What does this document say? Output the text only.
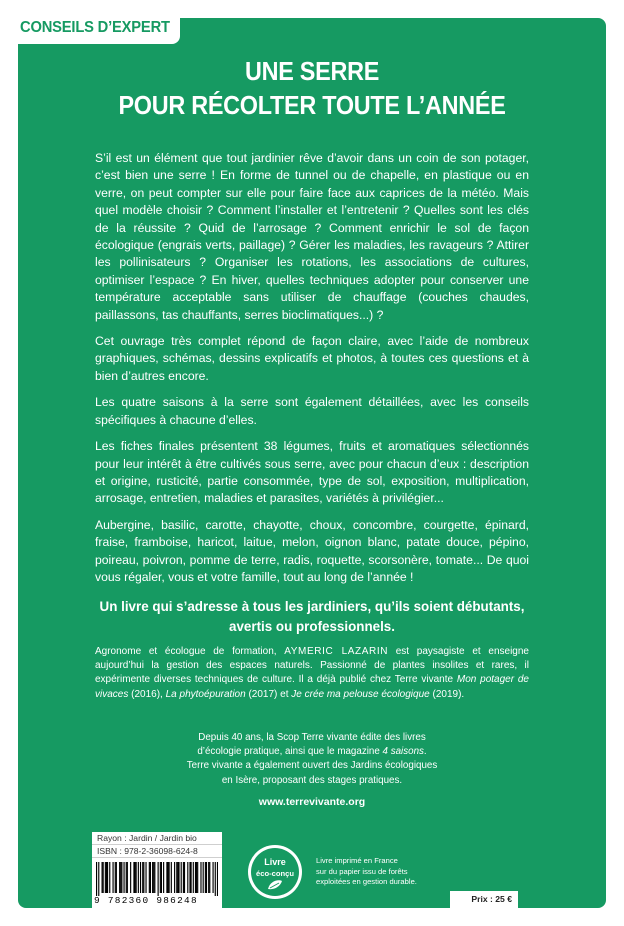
CONSEILS D’EXPERT
UNE SERRE
POUR RÉCOLTER TOUTE L’ANNÉE

S’il est un élément que tout jardinier rêve d’avoir dans un coin de son potager, c’est bien une serre ! En forme de tunnel ou de chapelle, en plastique ou en verre, on peut compter sur elle pour faire face aux caprices de la météo. Mais quel modèle choisir ? Comment l’installer et l’entretenir ? Quelles sont les clés de la réussite ? Quid de l’arrosage ? Comment enrichir le sol de façon écologique (engrais verts, paillage) ? Gérer les maladies, les ravageurs ? Attirer les pollinisateurs ? Organiser les rotations, les associations de cultures, optimiser l’espace ? En hiver, quelles techniques adopter pour conserver une température acceptable sans utiliser de chauffage (couches chaudes, paillassons, tas chauffants, serres bioclimatiques...) ?

Cet ouvrage très complet répond de façon claire, avec l’aide de nombreux graphiques, schémas, dessins explicatifs et photos, à toutes ces questions et à bien d’autres encore.

Les quatre saisons à la serre sont également détaillées, avec les conseils spécifiques à chacune d’elles.

Les fiches finales présentent 38 légumes, fruits et aromatiques sélectionnés pour leur intérêt à être cultivés sous serre, avec pour chacun d’eux : description et origine, rusticité, partie consommée, type de sol, exposition, multiplication, arrosage, entretien, maladies et parasites, variétés à privilégier...

Aubergine, basilic, carotte, chayotte, choux, concombre, courgette, épinard, fraise, framboise, haricot, laitue, melon, oignon blanc, patate douce, pépino, poireau, poivron, pomme de terre, radis, roquette, scorsonère, tomate... De quoi vous régaler, vous et votre famille, tout au long de l’année !

Un livre qui s’adresse à tous les jardiniers, qu’ils soient débutants,
avertis ou professionnels.

Agronome et écologue de formation, AYMERIC LAZARIN est paysagiste et enseigne aujourd’hui la gestion des espaces naturels. Passionné de plantes insolites et rares, il expérimente diverses techniques de culture. Il a déjà publié chez Terre vivante Mon potager de vivaces (2016), La phytoépuration (2017) et Je crée ma pelouse écologique (2019).

Depuis 40 ans, la Scop Terre vivante édite des livres

d’écologie pratique, ainsi que le magazine 4 saisons.

Terre vivante a également ouvert des Jardins écologiques

en Isère, proposant des stages pratiques.

www.terrevivante.org
Rayon : Jardin / Jardin bio
ISBN : 978-2-36098-624-8
9 782360 986248
Livre
éco-conçu

Livre imprimé en France

sur du papier issu de forêts

exploitées en gestion durable.

Prix : 25 €
